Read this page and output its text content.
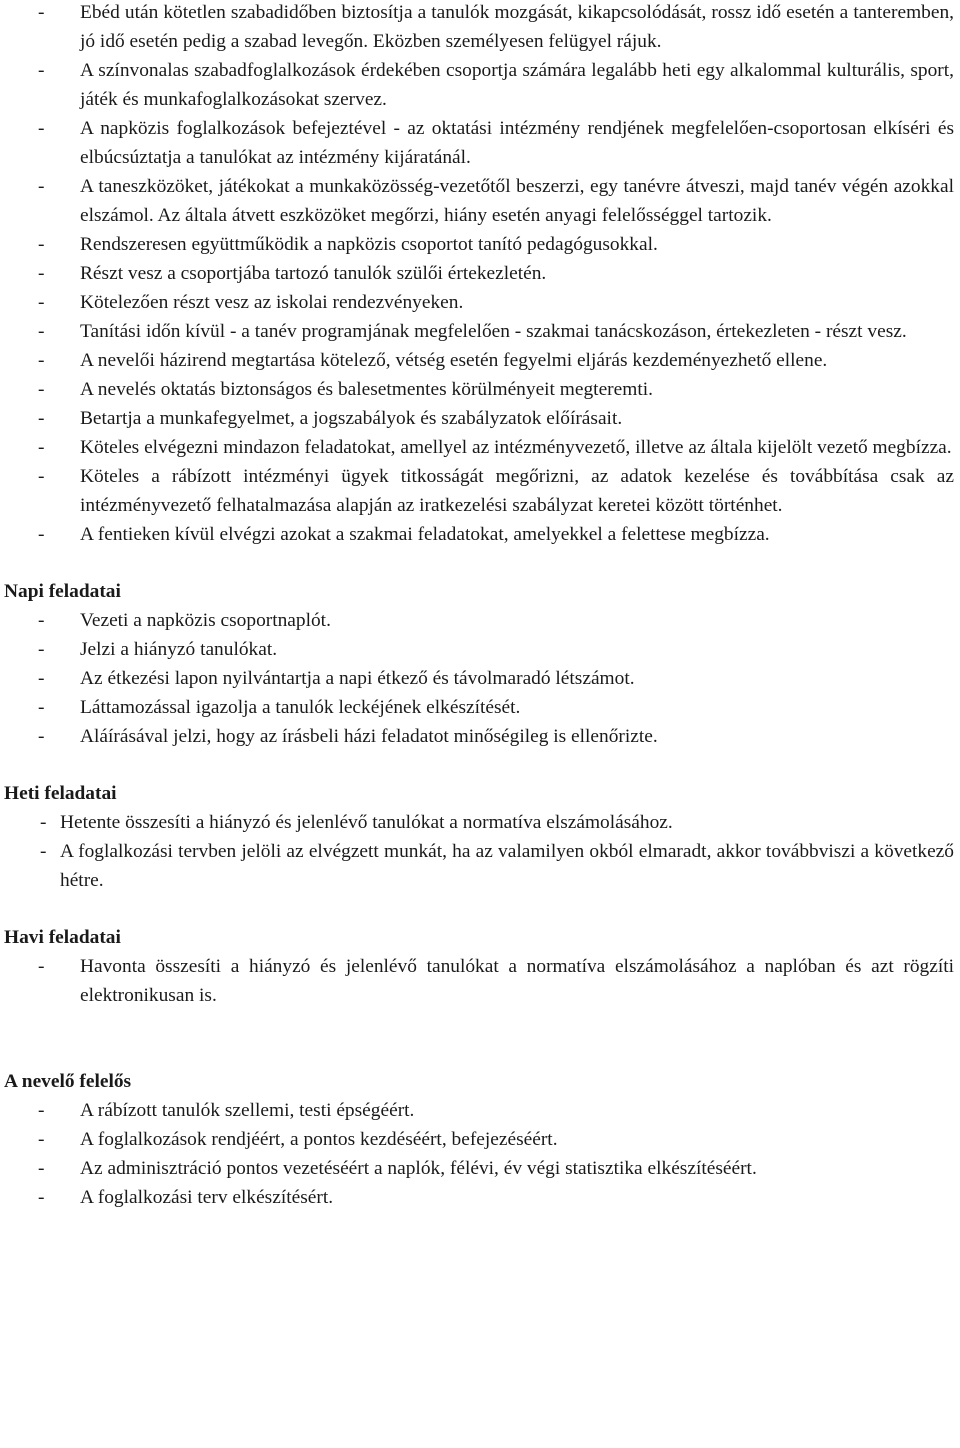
- Ebéd után kötetlen szabadidőben biztosítja a tanulók mozgását, kikapcsolódását, rossz idő esetén a tanteremben, jó idő esetén pedig a szabad levegőn. Eközben személyesen felügyel rájuk.
- A színvonalas szabadfoglalkozások érdekében csoportja számára legalább heti egy alkalommal kulturális, sport, játék és munkafoglalkozásokat szervez.
- A napközis foglalkozások befejeztével - az oktatási intézmény rendjének megfelelően-csoportosan elkíséri és elbúcsúztatja a tanulókat az intézmény kijáratánál.
- A taneszközöket, játékokat a munkaközösség-vezetőtől beszerzi, egy tanévre átveszi, majd tanév végén azokkal elszámol. Az általa átvett eszközöket megőrzi, hiány esetén anyagi felelősséggel tartozik.
- Rendszeresen együttműködik a napközis csoportot tanító pedagógusokkal.
- Részt vesz a csoportjába tartozó tanulók szülői értekezletén.
- Kötelezően részt vesz az iskolai rendezvényeken.
- Tanítási időn kívül - a tanév programjának megfelelően - szakmai tanácskozáson, értekezleten - részt vesz.
- A nevelői házirend megtartása kötelező, vétség esetén fegyelmi eljárás kezdeményezhető ellene.
- A nevelés oktatás biztonságos és balesetmentes körülményeit megteremti.
- Betartja a munkafegyelmet, a jogszabályok és szabályzatok előírásait.
- Köteles elvégezni mindazon feladatokat, amellyel az intézményvezető, illetve az általa kijelölt vezető megbízza.
- Köteles a rábízott intézményi ügyek titkosságát megőrizni, az adatok kezelése és továbbítása csak az intézményvezető felhatalmazása alapján az iratkezelési szabályzat keretei között történhet.
- A fentieken kívül elvégzi azokat a szakmai feladatokat, amelyekkel a felettese megbízza.

Napi feladatai

- Vezeti a napközis csoportnaplót.
- Jelzi a hiányzó tanulókat.
- Az étkezési lapon nyilvántartja a napi étkező és távolmaradó létszámot.
- Láttamozással igazolja a tanulók leckéjének elkészítését.
- Aláírásával jelzi, hogy az írásbeli házi feladatot minőségileg is ellenőrizte.

Heti feladatai

- Hetente összesíti a hiányzó és jelenlévő tanulókat a normatíva elszámolásához.
- A foglalkozási tervben jelöli az elvégzett munkát, ha az valamilyen okból elmaradt, akkor továbbviszi a következő hétre.

Havi feladatai

- Havonta összesíti a hiányzó és jelenlévő tanulókat a normatíva elszámolásához a naplóban és azt rögzíti elektronikusan is.

A nevelő felelős

- A rábízott tanulók szellemi, testi épségéért.
- A foglalkozások rendjéért, a pontos kezdéséért, befejezéséért.
- Az adminisztráció pontos vezetéséért a naplók, félévi, év végi statisztika elkészítéséért.
- A foglalkozási terv elkészítésért.
